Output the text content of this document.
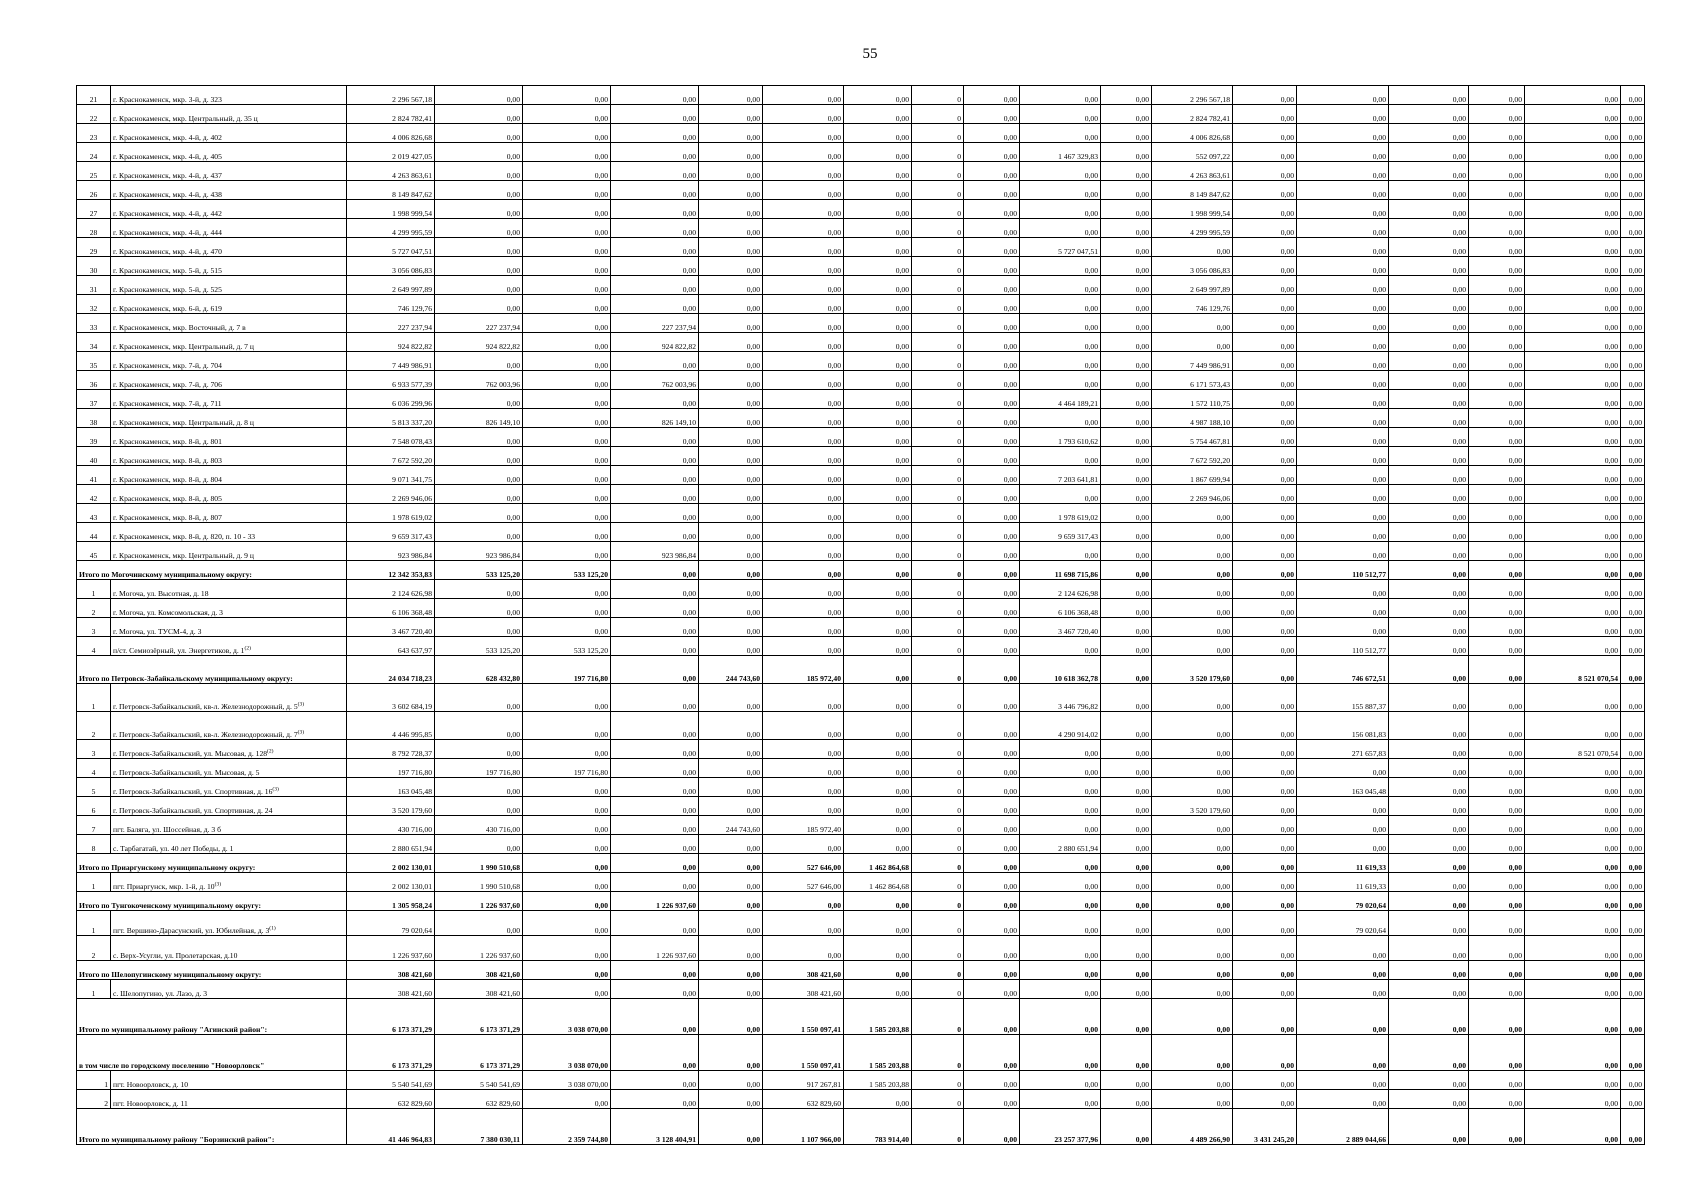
55
21	г. Краснокаменск, мкр. 3-й, д. 323	2 296 567,18	0,00	0,00	0,00	0,00	0,00	0,00	0	0,00	0,00	0,00	2 296 567,18	0,00	0,00	0,00	0,00	0,00	0,00
22	г. Краснокаменск, мкр. Центральный, д. 35 ц	2 824 782,41	0,00	0,00	0,00	0,00	0,00	0,00	0	0,00	0,00	0,00	2 824 782,41	0,00	0,00	0,00	0,00	0,00	0,00
23	г. Краснокаменск, мкр. 4-й, д. 402	4 006 826,68	0,00	0,00	0,00	0,00	0,00	0,00	0	0,00	0,00	0,00	4 006 826,68	0,00	0,00	0,00	0,00	0,00	0,00
24	г. Краснокаменск, мкр. 4-й, д. 405	2 019 427,05	0,00	0,00	0,00	0,00	0,00	0,00	0	0,00	1 467 329,83	0,00	552 097,22	0,00	0,00	0,00	0,00	0,00	0,00
25	г. Краснокаменск, мкр. 4-й, д. 437	4 263 863,61	0,00	0,00	0,00	0,00	0,00	0,00	0	0,00	0,00	0,00	4 263 863,61	0,00	0,00	0,00	0,00	0,00	0,00
26	г. Краснокаменск, мкр. 4-й, д. 438	8 149 847,62	0,00	0,00	0,00	0,00	0,00	0,00	0	0,00	0,00	0,00	8 149 847,62	0,00	0,00	0,00	0,00	0,00	0,00
27	г. Краснокаменск, мкр. 4-й, д. 442	1 998 999,54	0,00	0,00	0,00	0,00	0,00	0,00	0	0,00	0,00	0,00	1 998 999,54	0,00	0,00	0,00	0,00	0,00	0,00
28	г. Краснокаменск, мкр. 4-й, д. 444	4 299 995,59	0,00	0,00	0,00	0,00	0,00	0,00	0	0,00	0,00	0,00	4 299 995,59	0,00	0,00	0,00	0,00	0,00	0,00
29	г. Краснокаменск, мкр. 4-й, д. 470	5 727 047,51	0,00	0,00	0,00	0,00	0,00	0,00	0	0,00	5 727 047,51	0,00	0,00	0,00	0,00	0,00	0,00	0,00	0,00
30	г. Краснокаменск, мкр. 5-й, д. 515	3 056 086,83	0,00	0,00	0,00	0,00	0,00	0,00	0	0,00	0,00	0,00	3 056 086,83	0,00	0,00	0,00	0,00	0,00	0,00
31	г. Краснокаменск, мкр. 5-й, д. 525	2 649 997,89	0,00	0,00	0,00	0,00	0,00	0,00	0	0,00	0,00	0,00	2 649 997,89	0,00	0,00	0,00	0,00	0,00	0,00
32	г. Краснокаменск, мкр. 6-й, д. 619	746 129,76	0,00	0,00	0,00	0,00	0,00	0,00	0	0,00	0,00	0,00	746 129,76	0,00	0,00	0,00	0,00	0,00	0,00
33	г. Краснокаменск, мкр. Восточный, д. 7 в	227 237,94	227 237,94	0,00	227 237,94	0,00	0,00	0,00	0	0,00	0,00	0,00	0,00	0,00	0,00	0,00	0,00	0,00	0,00
34	г. Краснокаменск, мкр. Центральный, д. 7 ц	924 822,82	924 822,82	0,00	924 822,82	0,00	0,00	0,00	0	0,00	0,00	0,00	0,00	0,00	0,00	0,00	0,00	0,00	0,00
35	г. Краснокаменск, мкр. 7-й, д. 704	7 449 986,91	0,00	0,00	0,00	0,00	0,00	0,00	0	0,00	0,00	0,00	7 449 986,91	0,00	0,00	0,00	0,00	0,00	0,00
36	г. Краснокаменск, мкр. 7-й, д. 706	6 933 577,39	762 003,96	0,00	762 003,96	0,00	0,00	0,00	0	0,00	0,00	0,00	6 171 573,43	0,00	0,00	0,00	0,00	0,00	0,00
37	г. Краснокаменск, мкр. 7-й, д. 711	6 036 299,96	0,00	0,00	0,00	0,00	0,00	0,00	0	0,00	4 464 189,21	0,00	1 572 110,75	0,00	0,00	0,00	0,00	0,00	0,00
38	г. Краснокаменск, мкр. Центральный, д. 8 ц	5 813 337,20	826 149,10	0,00	826 149,10	0,00	0,00	0,00	0	0,00	0,00	0,00	4 987 188,10	0,00	0,00	0,00	0,00	0,00	0,00
39	г. Краснокаменск, мкр. 8-й, д. 801	7 548 078,43	0,00	0,00	0,00	0,00	0,00	0,00	0	0,00	1 793 610,62	0,00	5 754 467,81	0,00	0,00	0,00	0,00	0,00	0,00
40	г. Краснокаменск, мкр. 8-й, д. 803	7 672 592,20	0,00	0,00	0,00	0,00	0,00	0,00	0	0,00	0,00	0,00	7 672 592,20	0,00	0,00	0,00	0,00	0,00	0,00
41	г. Краснокаменск, мкр. 8-й, д. 804	9 071 341,75	0,00	0,00	0,00	0,00	0,00	0,00	0	0,00	7 203 641,81	0,00	1 867 699,94	0,00	0,00	0,00	0,00	0,00	0,00
42	г. Краснокаменск, мкр. 8-й, д. 805	2 269 946,06	0,00	0,00	0,00	0,00	0,00	0,00	0	0,00	0,00	0,00	2 269 946,06	0,00	0,00	0,00	0,00	0,00	0,00
43	г. Краснокаменск, мкр. 8-й, д. 807	1 978 619,02	0,00	0,00	0,00	0,00	0,00	0,00	0	0,00	1 978 619,02	0,00	0,00	0,00	0,00	0,00	0,00	0,00	0,00
44	г. Краснокаменск, мкр. 8-й, д. 820, п. 10 - 33	9 659 317,43	0,00	0,00	0,00	0,00	0,00	0,00	0	0,00	9 659 317,43	0,00	0,00	0,00	0,00	0,00	0,00	0,00	0,00
45	г. Краснокаменск, мкр. Центральный, д. 9 ц	923 986,84	923 986,84	0,00	923 986,84	0,00	0,00	0,00	0	0,00	0,00	0,00	0,00	0,00	0,00	0,00	0,00	0,00	0,00
Итого по Могочинскому муниципальному округу:		12 342 353,83	533 125,20	533 125,20	0,00	0,00	0,00	0,00	0	0,00	11 698 715,86	0,00	0,00	0,00	110 512,77	0,00	0,00	0,00	0,00
1	г. Могоча, ул. Высотная, д. 18	2 124 626,98	0,00	0,00	0,00	0,00	0,00	0,00	0	0,00	2 124 626,98	0,00	0,00	0,00	0,00	0,00	0,00	0,00	0,00
2	г. Могоча, ул. Комсомольская, д. 3	6 106 368,48	0,00	0,00	0,00	0,00	0,00	0,00	0	0,00	6 106 368,48	0,00	0,00	0,00	0,00	0,00	0,00	0,00	0,00
3	г. Могоча, ул. ТУСМ-4, д. 3	3 467 720,40	0,00	0,00	0,00	0,00	0,00	0,00	0	0,00	3 467 720,40	0,00	0,00	0,00	0,00	0,00	0,00	0,00	0,00
4	п/ст. Семиозёрный, ул. Энергетиков, д. 1$^{(2)}$	643 637,97	533 125,20	533 125,20	0,00	0,00	0,00	0,00	0	0,00	0,00	0,00	0,00	0,00	110 512,77	0,00	0,00	0,00	0,00
Итого по Петровск-Забайкальскому муниципальному округу:		24 034 718,23	628 432,80	197 716,80	0,00	244 743,60	185 972,40	0,00	0	0,00	10 618 362,78	0,00	3 520 179,60	0,00	746 672,51	0,00	0,00	8 521 070,54	0,00
1	г. Петровск-Забайкальский, кв-л. Железнодорожный, д. 5$^{(3)}$	3 602 684,19	0,00	0,00	0,00	0,00	0,00	0,00	0	0,00	3 446 796,82	0,00	0,00	0,00	155 887,37	0,00	0,00	0,00	0,00
2	г. Петровск-Забайкальский, кв-л. Железнодорожный, д. 7$^{(3)}$	4 446 995,85	0,00	0,00	0,00	0,00	0,00	0,00	0	0,00	4 290 914,02	0,00	0,00	0,00	156 081,83	0,00	0,00	0,00	0,00
3	г. Петровск-Забайкальский, ул. Мысовая, д. 128$^{(2)}$	8 792 728,37	0,00	0,00	0,00	0,00	0,00	0,00	0	0,00	0,00	0,00	0,00	0,00	271 657,83	0,00	0,00	8 521 070,54	0,00
4	г. Петровск-Забайкальский, ул. Мысовая, д. 5	197 716,80	197 716,80	197 716,80	0,00	0,00	0,00	0,00	0	0,00	0,00	0,00	0,00	0,00	0,00	0,00	0,00	0,00	0,00
5	г. Петровск-Забайкальский, ул. Спортивная, д. 16$^{(3)}$	163 045,48	0,00	0,00	0,00	0,00	0,00	0,00	0	0,00	0,00	0,00	0,00	0,00	163 045,48	0,00	0,00	0,00	0,00
6	г. Петровск-Забайкальский, ул. Спортивная, д. 24	3 520 179,60	0,00	0,00	0,00	0,00	0,00	0,00	0	0,00	0,00	0,00	3 520 179,60	0,00	0,00	0,00	0,00	0,00	0,00
7	пгт. Балягa, ул. Шоссейная, д. 3 б	430 716,00	430 716,00	0,00	0,00	244 743,60	185 972,40	0,00	0	0,00	0,00	0,00	0,00	0,00	0,00	0,00	0,00	0,00	0,00
8	с. Тарбагатай, ул. 40 лет Победы, д. 1	2 880 651,94	0,00	0,00	0,00	0,00	0,00	0,00	0	0,00	2 880 651,94	0,00	0,00	0,00	0,00	0,00	0,00	0,00	0,00
Итого по Приаргунскому муниципальному округу:		2 002 130,01	1 990 510,68	0,00	0,00	0,00	527 646,00	1 462 864,68	0	0,00	0,00	0,00	0,00	0,00	11 619,33	0,00	0,00	0,00	0,00
1	пгт. Приаргунск, мкр. 1-й, д. 10$^{(3)}$	2 002 130,01	1 990 510,68	0,00	0,00	0,00	527 646,00	1 462 864,68	0	0,00	0,00	0,00	0,00	0,00	11 619,33	0,00	0,00	0,00	0,00
Итого по Тунгокоченскому муниципальному округу:		1 305 958,24	1 226 937,60	0,00	1 226 937,60	0,00	0,00	0,00	0	0,00	0,00	0,00	0,00	0,00	79 020,64	0,00	0,00	0,00	0,00
1	пгт. Вершино-Дарасунский, ул. Юбилейная, д. 3$^{(1)}$	79 020,64	0,00	0,00	0,00	0,00	0,00	0,00	0	0,00	0,00	0,00	0,00	0,00	79 020,64	0,00	0,00	0,00	0,00
2	с. Верх-Усугли, ул. Пролетарская, д.10	1 226 937,60	1 226 937,60	0,00	1 226 937,60	0,00	0,00	0,00	0	0,00	0,00	0,00	0,00	0,00	0,00	0,00	0,00	0,00	0,00
Итого по Шелопугинскому муниципальному округу:		308 421,60	308 421,60	0,00	0,00	0,00	308 421,60	0,00	0	0,00	0,00	0,00	0,00	0,00	0,00	0,00	0,00	0,00	0,00
1	с. Шелопугино, ул. Лазо, д. 3	308 421,60	308 421,60	0,00	0,00	0,00	308 421,60	0,00	0	0,00	0,00	0,00	0,00	0,00	0,00	0,00	0,00	0,00	0,00
Итого по муниципальному району "Агинский район":		6 173 371,29	6 173 371,29	3 038 070,00	0,00	0,00	1 550 097,41	1 585 203,88	0	0,00	0,00	0,00	0,00	0,00	0,00	0,00	0,00	0,00	0,00
в том числе по городскому поселению "Новоорловск"		6 173 371,29	6 173 371,29	3 038 070,00	0,00	0,00	1 550 097,41	1 585 203,88	0	0,00	0,00	0,00	0,00	0,00	0,00	0,00	0,00	0,00	0,00
1	пгт. Новоорловск, д. 10	5 540 541,69	5 540 541,69	3 038 070,00	0,00	0,00	917 267,81	1 585 203,88	0	0,00	0,00	0,00	0,00	0,00	0,00	0,00	0,00	0,00	0,00
2	пгт. Новоорловск, д. 11	632 829,60	632 829,60	0,00	0,00	0,00	632 829,60	0,00	0	0,00	0,00	0,00	0,00	0,00	0,00	0,00	0,00	0,00	0,00
Итого по муниципальному району "Борзинский район":		41 446 964,83	7 380 030,11	2 359 744,80	3 128 404,91	0,00	1 107 966,00	783 914,40	0	0,00	23 257 377,96	0,00	4 489 266,90	3 431 245,20	2 889 044,66	0,00	0,00	0,00	0,00
